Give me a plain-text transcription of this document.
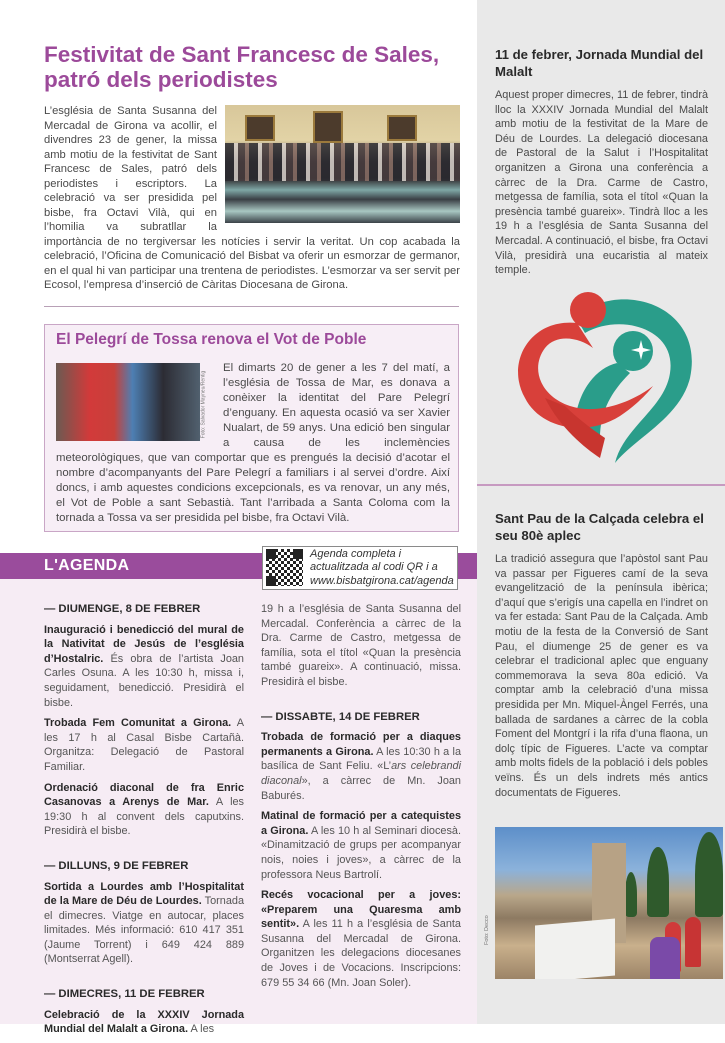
Festivitat de Sant Francesc de Sales,
patró dels periodistes
L’església de Santa Susanna del Mercadal de Girona va acollir, el divendres 23 de gener, la missa amb motiu de la festivitat de Sant Francesc de Sales, patró dels periodistes i escriptors. La celebració va ser presidida pel bisbe, fra Octavi Vilà, qui en l’homilia va subratllar la importància de no tergiversar les notícies i servir la veritat. Un cop acabada la celebració, l’Oficina de Comunicació del Bisbat va oferir un esmorzar de germanor, en el qual hi van participar una trentena de periodistes. L’esmorzar va ser servit per Ecosol, l’empresa d’inserció de Càritas Diocesana de Girona.
El Pelegrí de Tossa renova el Vot de Poble
Foto: Salvador Mayneu/Rentig
El dimarts 20 de gener a les 7 del matí, a l’església de Tossa de Mar, es donava a conèixer la identitat del Pare Pelegrí d’enguany. En aquesta ocasió va ser Xavier Nualart, de 59 anys. Una edició ben singular a causa de les inclemències meteorològiques, que van comportar que es prengués la decisió d’acotar el nombre d’acompanyants del Pare Pelegrí a familiars i al servei d’ordre. Així doncs, i amb aquestes condicions excepcionals, es va renovar, un any més, el Vot de Poble a sant Sebastià. Tant l’arribada a Santa Coloma com la tornada a Tossa va ser presidida pel bisbe, fra Octavi Vilà.
L'AGENDA
Agenda completa i
actualitzada al codi QR i a
www.bisbatgirona.cat/agenda

— DIUMENGE, 8 DE FEBRER

Inauguració i benedicció del mural de la Nativitat de Jesús de l’església d’Hostalric. És obra de l’artista Joan Carles Osuna. A les 10:30 h, missa i, seguidament, benedicció. Presidirà el bisbe.

Trobada Fem Comunitat a Girona. A les 17 h al Casal Bisbe Cartañà. Organitza: Delegació de Pastoral Familiar.

Ordenació diaconal de fra Enric Casanovas a Arenys de Mar. A les 19:30 h al convent dels caputxins. Presidirà el bisbe.

— DILLUNS, 9 DE FEBRER

Sortida a Lourdes amb l’Hospitalitat de la Mare de Déu de Lourdes. Tornada el dimecres. Viatge en autocar, places limitades. Més informació: 610 417 351 (Jaume Torrent) i 649 424 889 (Montserrat Agell).

— DIMECRES, 11 DE FEBRER

Celebració de la XXXIV Jornada Mundial del Malalt a Girona. A les

19 h a l’església de Santa Susanna del Mercadal. Conferència a càrrec de la Dra. Carme de Castro, metgessa de família, sota el títol «Quan la presència també guareix». A continuació, missa. Presidirà el bisbe.

— DISSABTE, 14 DE FEBRER

Trobada de formació per a diaques permanents a Girona. A les 10:30 h a la basílica de Sant Feliu. «L’ars celebrandi diaconal», a càrrec de Mn. Joan Baburés.

Matinal de formació per a catequistes a Girona. A les 10 h al Seminari diocesà. «Dinamització de grups per acompanyar nois, noies i joves», a càrrec de la professora Neus Bartrolí.

Recés vocacional per a joves: «Preparem una Quaresma amb sentit». A les 11 h a l’església de Santa Susanna del Mercadal de Girona. Organitzen les delegacions diocesanes de Joves i de Vocacions. Inscripcions: 679 55 34 66 (Mn. Joan Soler).

11 de febrer, Jornada Mundial del Malalt
Aquest proper dimecres, 11 de febrer, tindrà lloc la XXXIV Jornada Mundial del Malalt amb motiu de la festivitat de la Mare de Déu de Lourdes. La delegació diocesana de Pastoral de la Salut i l’Hospitalitat organitzen a Girona una conferència a càrrec de la Dra. Carme de Castro, metgessa de família, sota el títol «Quan la presència també guareix». Tindrà lloc a les 19 h a l’església de Santa Susanna del Mercadal. A continuació, el bisbe, fra Octavi Vilà, presidirà una eucaristia al mateix temple.
Sant Pau de la Calçada celebra el seu 80è aplec
La tradició assegura que l’apòstol sant Pau va passar per Figueres camí de la seva evangelització de la península ibèrica; d’aquí que s’erigís una capella en l’indret on va fer estada: Sant Pau de la Calçada. Amb motiu de la festa de la Conversió de Sant Pau, el diumenge 25 de gener es va celebrar el tradicional aplec que enguany commemorava la seva 80a edició. Va comptar amb la celebració d’una missa presidida per Mn. Miquel-Àngel Ferrés, una ballada de sardanes a càrrec de la cobla Foment del Montgrí i la rifa d’una flaona, un dolç típic de Figueres. L’acte va comptar amb molts fidels de la població i dels pobles veïns. És un dels indrets més antics documentats de Figueres.
Foto: Decco
